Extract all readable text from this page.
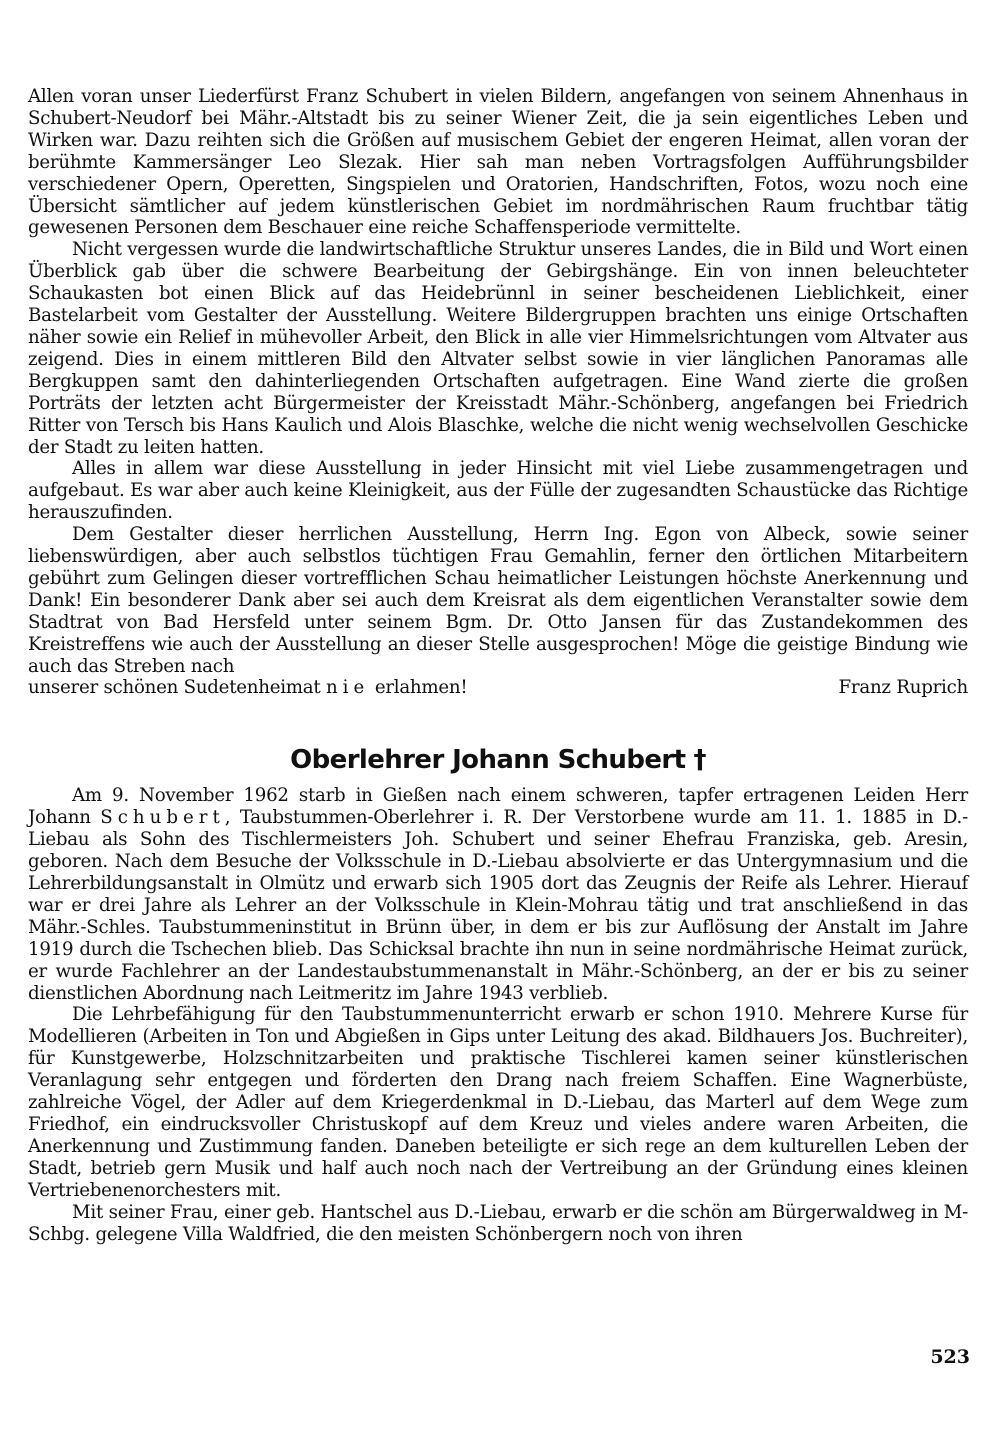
Allen voran unser Liederfürst Franz Schubert in vielen Bildern, angefangen von seinem Ahnenhaus in Schubert-Neudorf bei Mähr.-Altstadt bis zu seiner Wiener Zeit, die ja sein eigentliches Leben und Wirken war. Dazu reihten sich die Größen auf musischem Gebiet der engeren Heimat, allen voran der berühmte Kammersänger Leo Slezak. Hier sah man neben Vortragsfolgen Aufführungsbilder verschiedener Opern, Operetten, Singspielen und Oratorien, Handschriften, Fotos, wozu noch eine Übersicht sämtlicher auf jedem künstlerischen Gebiet im nordmährischen Raum fruchtbar tätig gewesenen Personen dem Beschauer eine reiche Schaffensperiode vermittelte.

Nicht vergessen wurde die landwirtschaftliche Struktur unseres Landes, die in Bild und Wort einen Überblick gab über die schwere Bearbeitung der Gebirgshänge. Ein von innen beleuchteter Schaukasten bot einen Blick auf das Heidebrünnl in seiner bescheidenen Lieblichkeit, einer Bastelarbeit vom Gestalter der Ausstellung. Weitere Bildergruppen brachten uns einige Ortschaften näher sowie ein Relief in mühevoller Arbeit, den Blick in alle vier Himmelsrichtungen vom Altvater aus zeigend. Dies in einem mittleren Bild den Altvater selbst sowie in vier länglichen Panoramas alle Bergkuppen samt den dahinterliegenden Ortschaften aufgetragen. Eine Wand zierte die großen Porträts der letzten acht Bürgermeister der Kreisstadt Mähr.-Schönberg, angefangen bei Friedrich Ritter von Tersch bis Hans Kaulich und Alois Blaschke, welche die nicht wenig wechselvollen Geschicke der Stadt zu leiten hatten.

Alles in allem war diese Ausstellung in jeder Hinsicht mit viel Liebe zusammengetragen und aufgebaut. Es war aber auch keine Kleinigkeit, aus der Fülle der zugesandten Schaustücke das Richtige herauszufinden.

Dem Gestalter dieser herrlichen Ausstellung, Herrn Ing. Egon von Albeck, sowie seiner liebenswürdigen, aber auch selbstlos tüchtigen Frau Gemahlin, ferner den örtlichen Mitarbeitern gebührt zum Gelingen dieser vortrefflichen Schau heimatlicher Leistungen höchste Anerkennung und Dank! Ein besonderer Dank aber sei auch dem Kreisrat als dem eigentlichen Veranstalter sowie dem Stadtrat von Bad Hersfeld unter seinem Bgm. Dr. Otto Jansen für das Zustandekommen des Kreistreffens wie auch der Ausstellung an dieser Stelle ausgesprochen! Möge die geistige Bindung wie auch das Streben nach

unserer schönen Sudetenheimat nie erlahmen!	Franz Ruprich
Oberlehrer Johann Schubert †

Am 9. November 1962 starb in Gießen nach einem schweren, tapfer ertragenen Leiden Herr Johann Schubert, Taubstummen-Oberlehrer i. R. Der Verstorbene wurde am 11. 1. 1885 in D.-Liebau als Sohn des Tischlermeisters Joh. Schubert und seiner Ehefrau Franziska, geb. Aresin, geboren. Nach dem Besuche der Volksschule in D.-Liebau absolvierte er das Untergymnasium und die Lehrerbildungsanstalt in Olmütz und erwarb sich 1905 dort das Zeugnis der Reife als Lehrer. Hierauf war er drei Jahre als Lehrer an der Volksschule in Klein-Mohrau tätig und trat anschließend in das Mähr.-Schles. Taubstummeninstitut in Brünn über, in dem er bis zur Auflösung der Anstalt im Jahre 1919 durch die Tschechen blieb. Das Schicksal brachte ihn nun in seine nordmährische Heimat zurück, er wurde Fachlehrer an der Landestaubstummenanstalt in Mähr.-Schönberg, an der er bis zu seiner dienstlichen Abordnung nach Leitmeritz im Jahre 1943 verblieb.

Die Lehrbefähigung für den Taubstummenunterricht erwarb er schon 1910. Mehrere Kurse für Modellieren (Arbeiten in Ton und Abgießen in Gips unter Leitung des akad. Bildhauers Jos. Buchreiter), für Kunstgewerbe, Holzschnitzarbeiten und praktische Tischlerei kamen seiner künstlerischen Veranlagung sehr entgegen und förderten den Drang nach freiem Schaffen. Eine Wagnerbüste, zahlreiche Vögel, der Adler auf dem Kriegerdenkmal in D.-Liebau, das Marterl auf dem Wege zum Friedhof, ein eindrucksvoller Christuskopf auf dem Kreuz und vieles andere waren Arbeiten, die Anerkennung und Zustimmung fanden. Daneben beteiligte er sich rege an dem kulturellen Leben der Stadt, betrieb gern Musik und half auch noch nach der Vertreibung an der Gründung eines kleinen Vertriebenenorchesters mit.

Mit seiner Frau, einer geb. Hantschel aus D.-Liebau, erwarb er die schön am Bürgerwaldweg in M-Schbg. gelegene Villa Waldfried, die den meisten Schönbergern noch von ihren

523
